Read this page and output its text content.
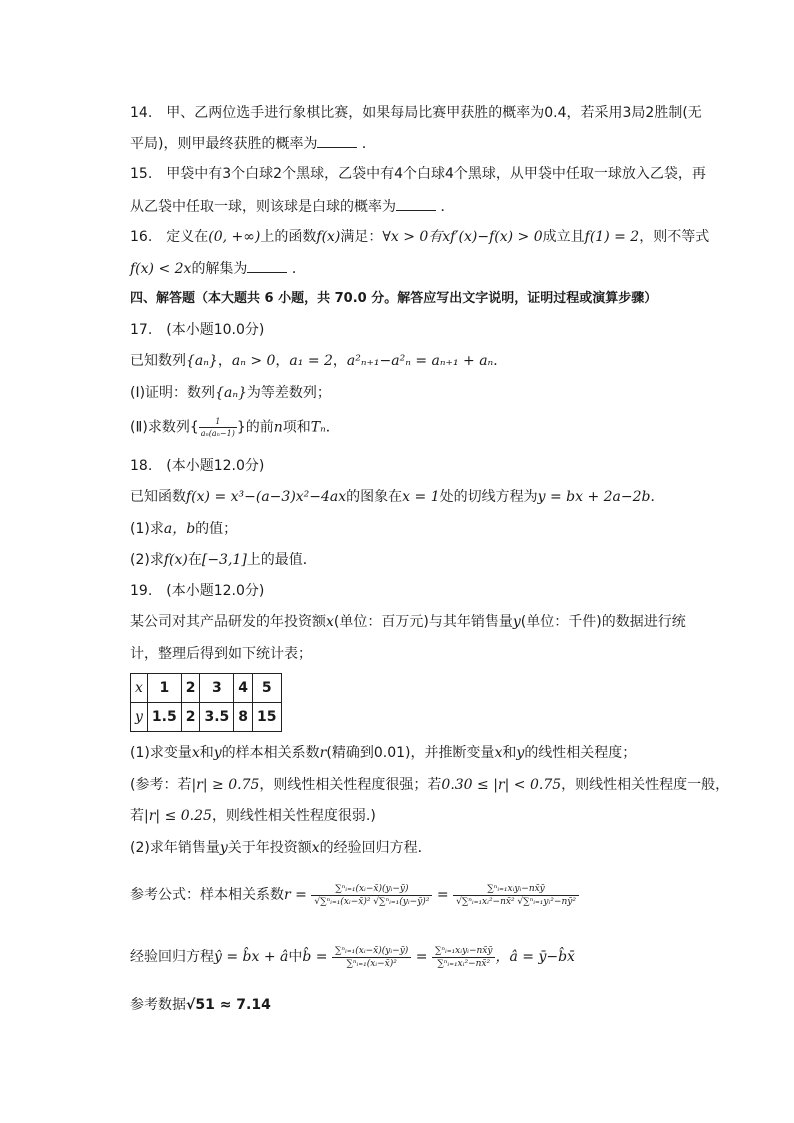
14.　甲、乙两位选手进行象棋比赛，如果每局比赛甲获胜的概率为0.4，若采用3局2胜制(无
平局)，则甲最终获胜的概率为	．
15.　甲袋中有3个白球2个黑球，乙袋中有4个白球4个黑球，从甲袋中任取一球放入乙袋，再
从乙袋中任取一球，则该球是白球的概率为	．
16.　定义在(0, +∞)上的函数f(x)满足：∀x > 0有xf′(x)−f(x) > 0成立且f(1) = 2，则不等式
f(x) < 2x的解集为	．
四、解答题（本大题共 6 小题，共 70.0 分。解答应写出文字说明，证明过程或演算步骤）
17.　(本小题10.0分)
已知数列{aₙ}，aₙ > 0，a₁ = 2，a²ₙ₊₁−a²ₙ = aₙ₊₁ + aₙ．
(Ⅰ)证明：数列{aₙ}为等差数列；
(Ⅱ)求数列{ $\frac{1}{\text{aₙ(aₙ−1)}}$ }的前n项和Tₙ．
18.　(本小题12.0分)
已知函数f(x) = x³−(a−3)x²−4ax的图象在x = 1处的切线方程为y = bx + 2a−2b．
(1)求a，b的值；
(2)求f(x)在[−3,1]上的最值．
19.　(本小题12.0分)
某公司对其产品研发的年投资额x(单位：百万元)与其年销售量y(单位：千件)的数据进行统
计，整理后得到如下统计表；
x	1	2	3	4	5
y	1.5	2	3.5	8	15
(1)求变量x和y的样本相关系数r(精确到0.01)，并推断变量x和y的线性相关程度；
(参考：若|r| ≥ 0.75，则线性相关性程度很强；若0.30 ≤ |r| < 0.75，则线性相关性程度一般，
若|r| ≤ 0.25，则线性相关性程度很弱.)
(2)求年销售量y关于年投资额x的经验回归方程．
参考公式：样本相关系数$r = \frac{\text{∑ⁿᵢ₌₁(xᵢ−x̄)(yᵢ−ȳ)}}{\text{√∑ⁿᵢ₌₁(xᵢ−x̄)² √∑ⁿᵢ₌₁(yᵢ−ȳ)²}} = \frac{\text{∑ⁿᵢ₌₁xᵢyᵢ−nx̄ȳ}}{\text{√∑ⁿᵢ₌₁xᵢ²−nx̄² √∑ⁿᵢ₌₁yᵢ²−nȳ²}}$
经验回归方程ŷ = b̂x + â中b̂ = $\frac{\text{∑ⁿᵢ₌₁(xᵢ−x̄)(yᵢ−ȳ)}}{\text{∑ⁿᵢ₌₁(xᵢ−x̄)²}} = \frac{\text{∑ⁿᵢ₌₁xᵢyᵢ−nx̄ȳ}}{\text{∑ⁿᵢ₌₁xᵢ²−nx̄²}}$ ，â = ȳ−b̂x̄
参考数据√51 ≈ 7.14
